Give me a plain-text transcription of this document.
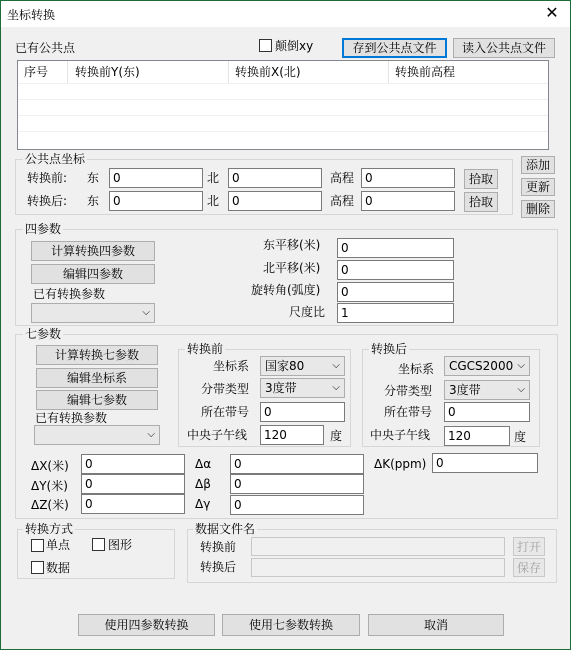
坐标转换	✕
已有公共点	颠倒xy	存到公共点文件	读入公共点文件
序号	转换前Y(东)	转换前X(北)	转换前高程
公共点坐标
转换前: 东	0	北	0	高程 0	拾取
转换后: 东	0	北	0	高程 0	拾取
添加
更新
删除
四参数
计算转换四参数
编辑四参数
已有转换参数
⌵
东平移(米)	0
北平移(米)	0
旋转角(弧度)	0
尺度比	1
七参数
计算转换七参数
编辑坐标系
编辑七参数
已有转换参数
⌵
转换前
坐标系	国家80	⌵
分带类型	3度带	⌵
所在带号	0
中央子午线	120	度
转换后
坐标系	CGCS2000 ⌵
分带类型	3度带	⌵
所在带号	0
中央子午线	120	度
ΔX(米)	0
ΔY(米)	0
ΔZ(米)	0
Δα	0
Δβ	0
Δγ	0
ΔK(ppm) 0
转换方式
单点	图形
数据
数据文件名
转换前	打开
转换后	保存
使用四参数转换	使用七参数转换	取消
